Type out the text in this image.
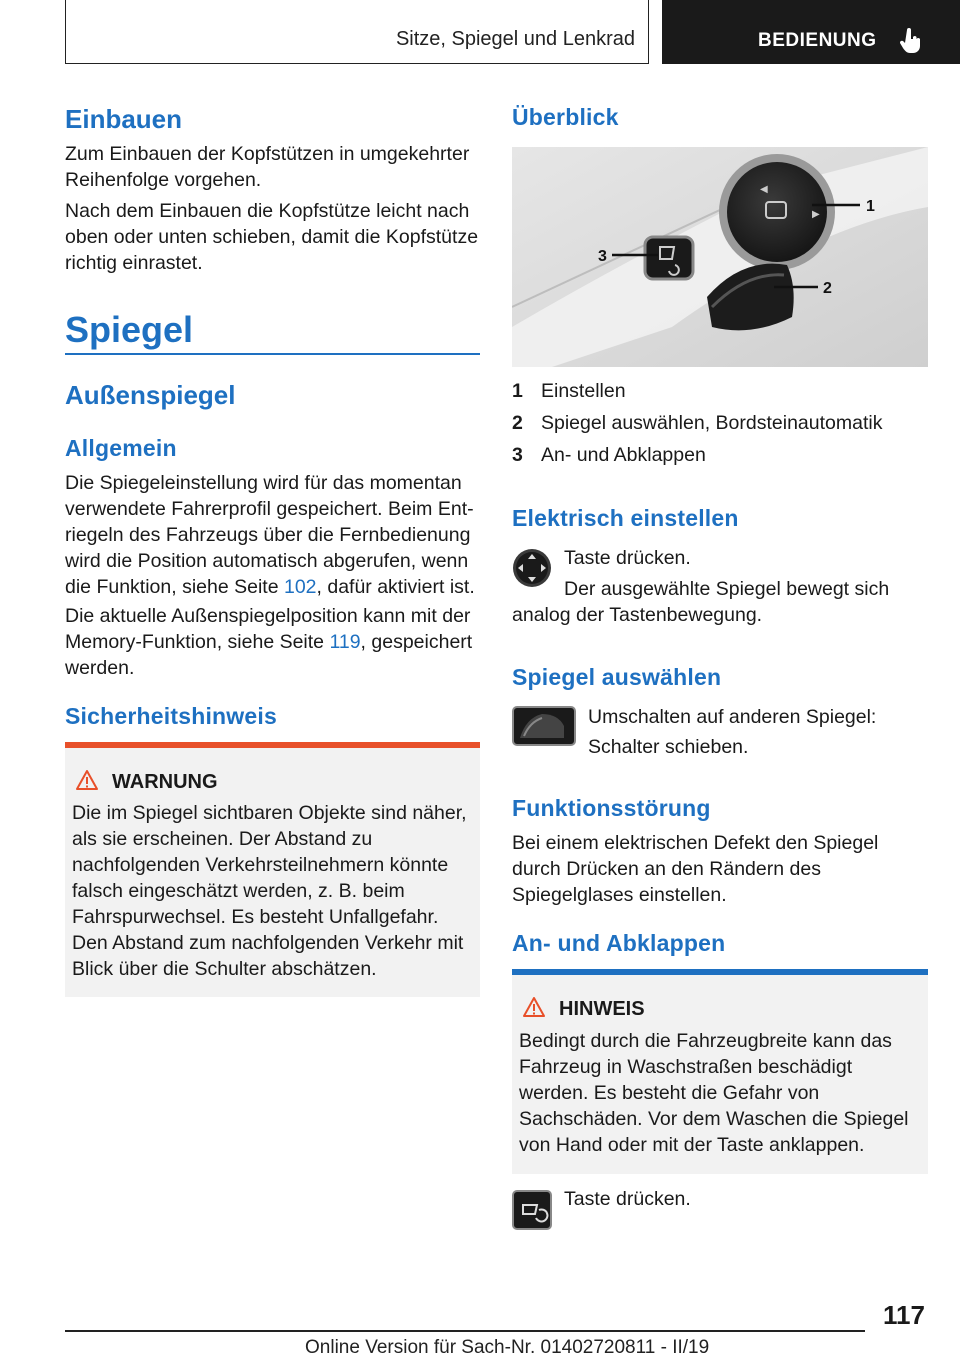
Sitze, Spiegel und Lenkrad	BEDIENUNG
Einbauen
Zum Einbauen der Kopfstützen in umgekehrter Reihenfolge vorgehen.
Nach dem Einbauen die Kopfstütze leicht nach oben oder unten schieben, damit die Kopfstütze richtig einrastet.
Spiegel
Außenspiegel
Allgemein
Die Spiegeleinstellung wird für das momentan verwendete Fahrerprofil gespeichert. Beim Entriegeln des Fahrzeugs über die Fernbedienung wird die Position automatisch abgerufen, wenn die Funktion, siehe Seite 102, dafür aktiviert ist.
Die aktuelle Außenspiegelposition kann mit der Memory-Funktion, siehe Seite 119, gespeichert werden.
Sicherheitshinweis
WARNUNG
Die im Spiegel sichtbaren Objekte sind näher, als sie erscheinen. Der Abstand zu nachfolgenden Verkehrsteilnehmern könnte falsch eingeschätzt werden, z. B. beim Fahrspurwechsel. Es besteht Unfallgefahr. Den Abstand zum nachfolgenden Verkehr mit Blick über die Schulter abschätzen.
Überblick
◀
▶	1
2
3
1 Einstellen
2 Spiegel auswählen, Bordsteinautomatik
3 An- und Abklappen
Elektrisch einstellen
Taste drücken.
Der ausgewählte Spiegel bewegt sich analog der Tastenbewegung.
Spiegel auswählen
Umschalten auf anderen Spiegel:
Schalter schieben.
Funktionsstörung
Bei einem elektrischen Defekt den Spiegel durch Drücken an den Rändern des Spiegelglases einstellen.
An- und Abklappen
HINWEIS
Bedingt durch die Fahrzeugbreite kann das Fahrzeug in Waschstraßen beschädigt werden. Es besteht die Gefahr von Sachschäden. Vor dem Waschen die Spiegel von Hand oder mit der Taste anklappen.
Taste drücken.
117
Online Version für Sach-Nr. 01402720811 - II/19
